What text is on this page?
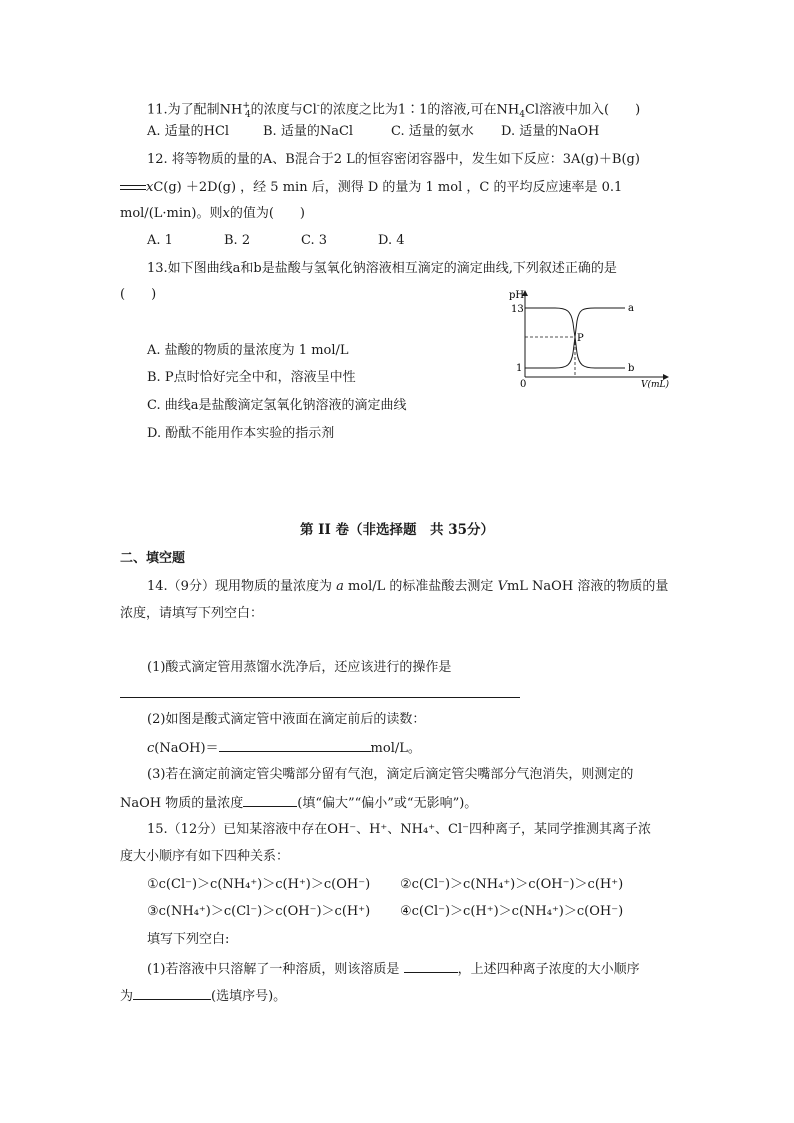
11.为了配制$NH^+_4$的浓度与Cl-的浓度之比为1∶1的溶液,可在$NH_4Cl$溶液中加入(　　)
A. 适量的HCl	B. 适量的NaCl	C. 适量的氨水 D. 适量的NaOH
12. 将等物质的量的A、B混合于2 L的恒容密闭容器中，发生如下反应：3A(g)＋B(g)
xC(g) ＋2D(g) ，经 5 min 后，测得 D 的量为 1 mol ，C 的平均反应速率是 0.1
mol/(L·min)。则x的值为(　　)
A. 1	B. 2	C. 3	D. 4
13.如下图曲线a和b是盐酸与氢氧化钠溶液相互滴定的滴定曲线,下列叙述正确的是
(　　)
A. 盐酸的物质的量浓度为 1 mol/L
B. P点时恰好完全中和，溶液呈中性
C. 曲线a是盐酸滴定氢氧化钠溶液的滴定曲线
D. 酚酞不能用作本实验的指示剂
pH
13
1
0	V(mL)
a
b
P
第 II 卷（非选择题　共 35分）
二、填空题
14.（9分）现用物质的量浓度为 a mol/L 的标准盐酸去测定 VmL NaOH 溶液的物质的量
浓度，请填写下列空白：
(1)酸式滴定管用蒸馏水洗净后，还应该进行的操作是
(2)如图是酸式滴定管中液面在滴定前后的读数：
c(NaOH)＝	mol/L。
(3)若在滴定前滴定管尖嘴部分留有气泡，滴定后滴定管尖嘴部分气泡消失，则测定的
NaOH 物质的量浓度	(填“偏大”“偏小”或“无影响”)。
15.（12分）已知某溶液中存在OH⁻、H⁺、NH₄⁺、Cl⁻四种离子，某同学推测其离子浓
度大小顺序有如下四种关系：
①c(Cl⁻)＞c(NH₄⁺)＞c(H⁺)＞c(OH⁻) ②c(Cl⁻)＞c(NH₄⁺)＞c(OH⁻)＞c(H⁺)
③c(NH₄⁺)＞c(Cl⁻)＞c(OH⁻)＞c(H⁺) ④c(Cl⁻)＞c(H⁺)＞c(NH₄⁺)＞c(OH⁻)
填写下列空白:
(1)若溶液中只溶解了一种溶质，则该溶质是	，上述四种离子浓度的大小顺序
为	(选填序号)。
